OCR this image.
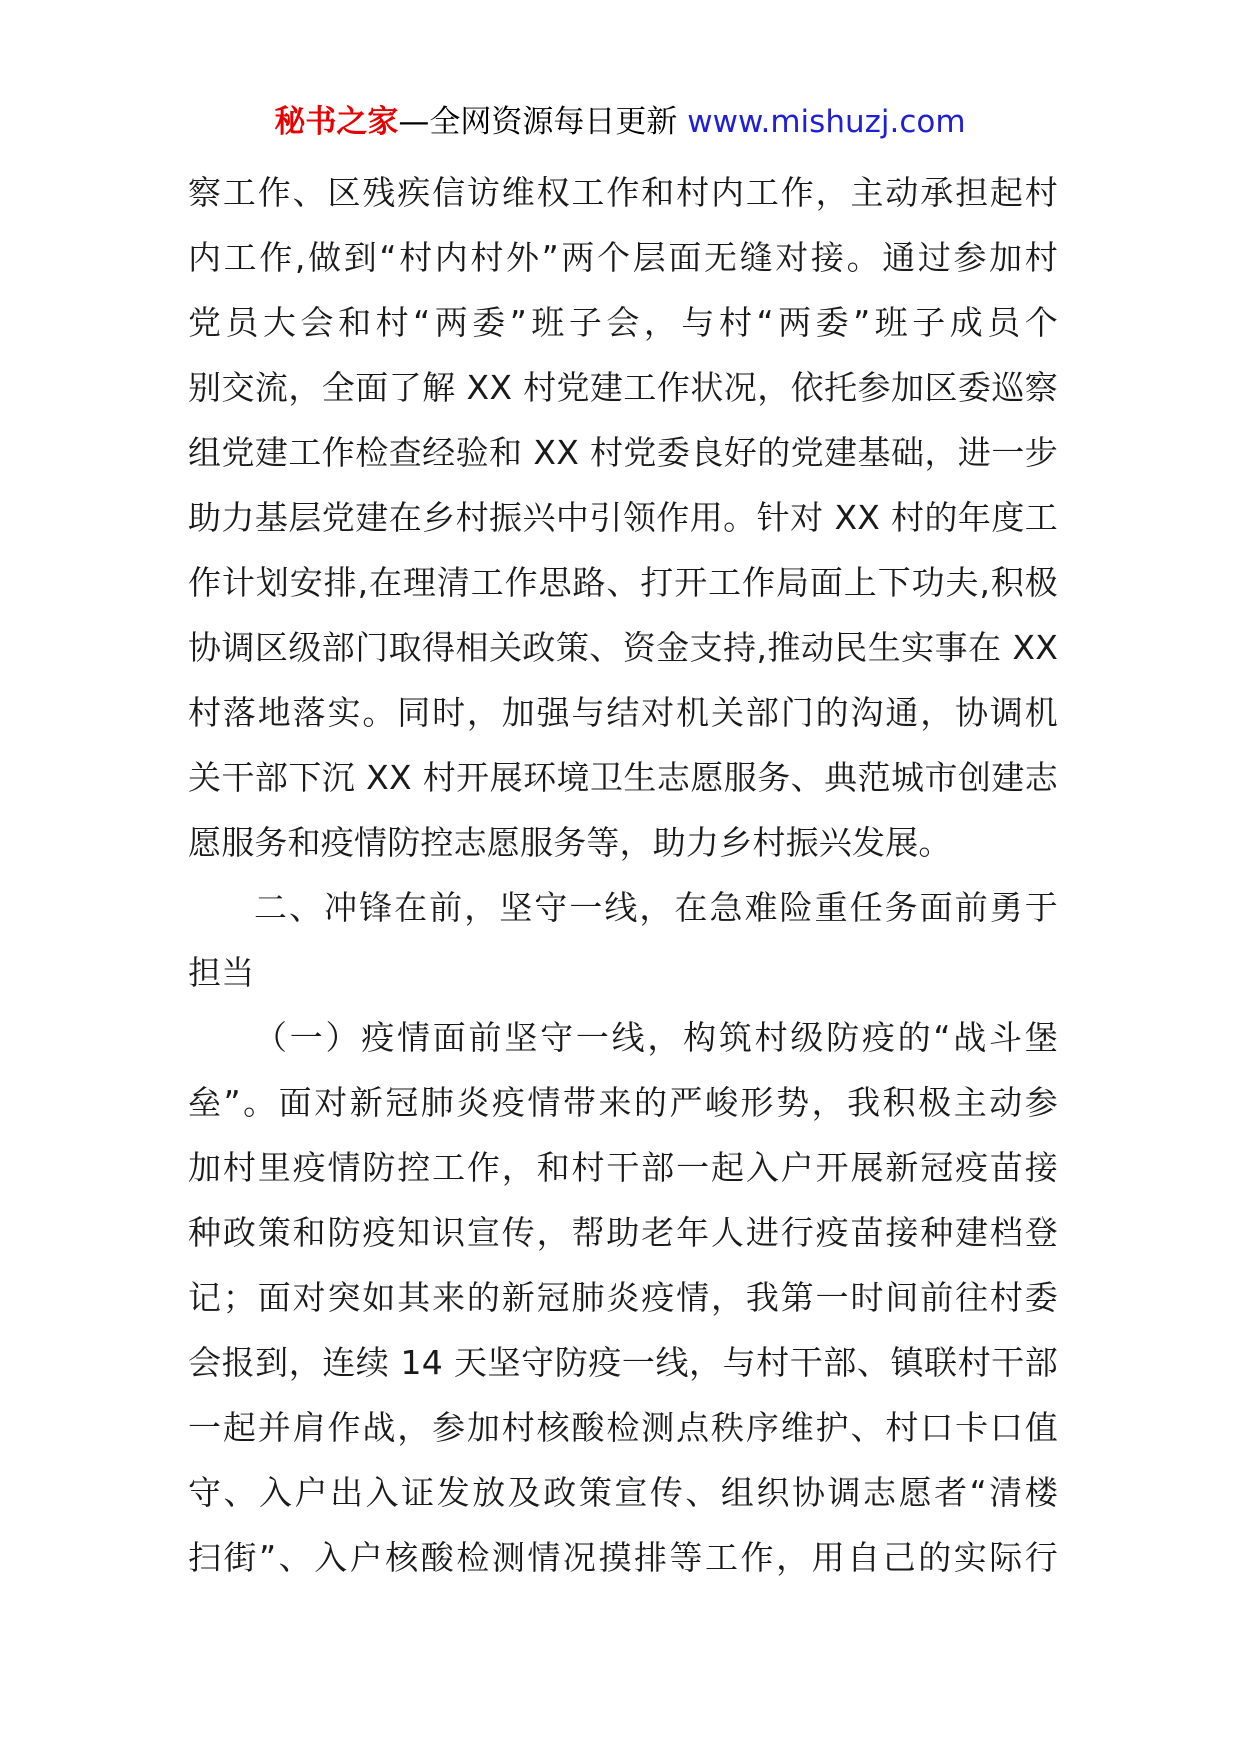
秘书之家—全网资源每日更新 www.mishuzj.com
察工作、区残疾信访维权工作和村内工作，主动承担起村
内工作,做到“村内村外”两个层面无缝对接。通过参加村
党员大会和村“两委”班子会，与村“两委”班子成员个
别交流，全面了解 XX 村党建工作状况，依托参加区委巡察
组党建工作检查经验和 XX 村党委良好的党建基础，进一步
助力基层党建在乡村振兴中引领作用。针对 XX 村的年度工
作计划安排,在理清工作思路、打开工作局面上下功夫,积极
协调区级部门取得相关政策、资金支持,推动民生实事在 XX
村落地落实。同时，加强与结对机关部门的沟通，协调机
关干部下沉 XX 村开展环境卫生志愿服务、典范城市创建志
愿服务和疫情防控志愿服务等，助力乡村振兴发展。
二、冲锋在前，坚守一线，在急难险重任务面前勇于
担当
（一）疫情面前坚守一线，构筑村级防疫的“战斗堡
垒”。面对新冠肺炎疫情带来的严峻形势，我积极主动参
加村里疫情防控工作，和村干部一起入户开展新冠疫苗接
种政策和防疫知识宣传，帮助老年人进行疫苗接种建档登
记；面对突如其来的新冠肺炎疫情，我第一时间前往村委
会报到，连续 14 天坚守防疫一线，与村干部、镇联村干部
一起并肩作战，参加村核酸检测点秩序维护、村口卡口值
守、入户出入证发放及政策宣传、组织协调志愿者“清楼
扫街”、入户核酸检测情况摸排等工作，用自己的实际行
